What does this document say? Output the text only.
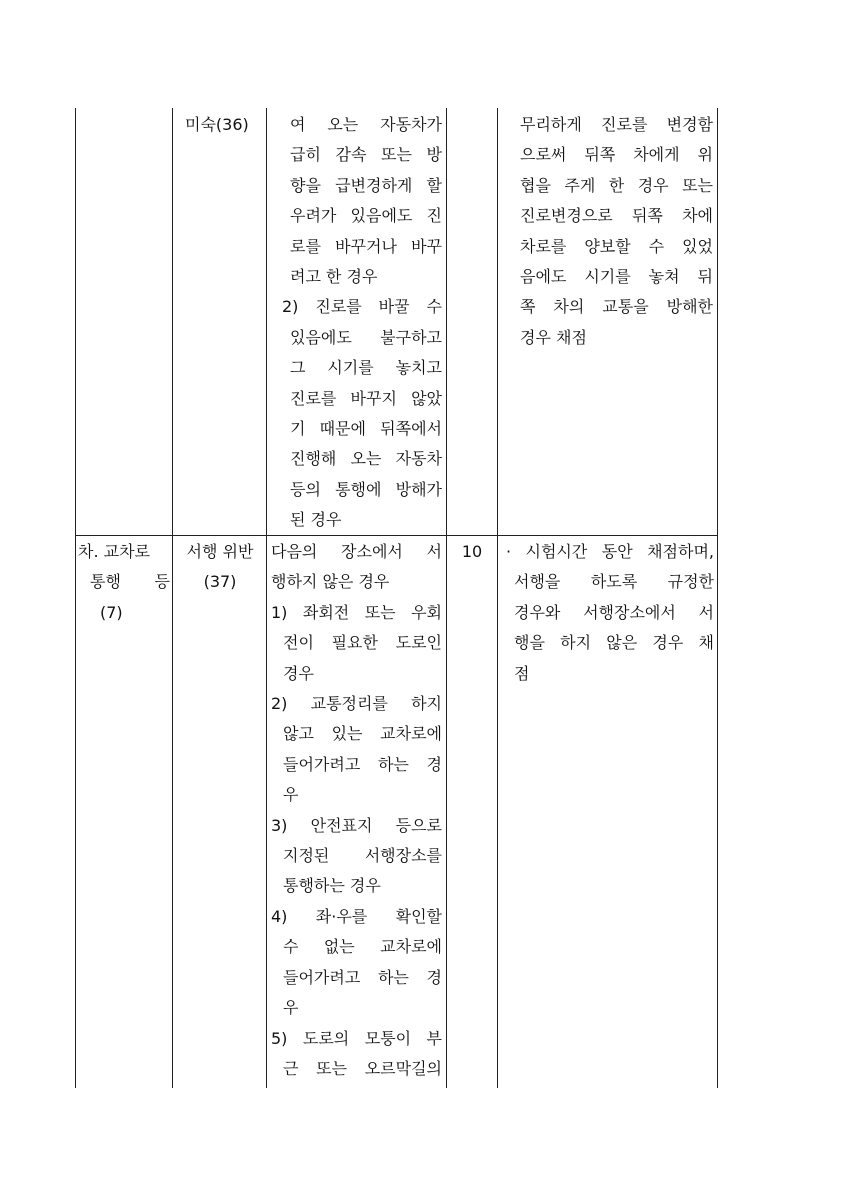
미숙(36)	여 오는 자동차가
급히 감속 또는 방
향을 급변경하게 할
우려가 있음에도 진
로를 바꾸거나 바꾸
려고 한 경우
2) 진로를 바꿀 수
있음에도 불구하고
그 시기를 놓치고
진로를 바꾸지 않았
기 때문에 뒤쪽에서
진행해 오는 자동차
등의 통행에 방해가
된 경우
무리하게 진로를 변경함
으로써 뒤쪽 차에게 위
협을 주게 한 경우 또는
진로변경으로 뒤쪽 차에
차로를 양보할 수 있었
음에도 시기를 놓쳐 뒤
쪽 차의 교통을 방해한
경우 채점
차. 교차로
통행 등
(7)
서행 위반
(37)
다음의 장소에서 서
행하지 않은 경우
1) 좌회전 또는 우회
전이 필요한 도로인
경우
2) 교통정리를 하지
않고 있는 교차로에
들어가려고 하는 경
우
3) 안전표지 등으로
지정된 서행장소를
통행하는 경우
4) 좌·우를 확인할
수 없는 교차로에
들어가려고 하는 경
우
5) 도로의 모퉁이 부
근 또는 오르막길의
10	· 시험시간 동안 채점하며,
서행을 하도록 규정한
경우와 서행장소에서 서
행을 하지 않은 경우 채
점
